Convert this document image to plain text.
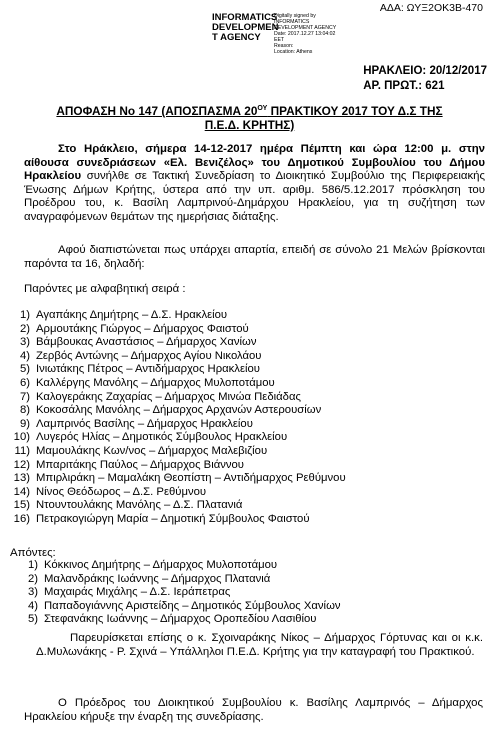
ΑΔΑ: ΩΥΞ2ΟΚ3Β-470
INFORMATICS
DEVELOPMEN
T AGENCY
Digitally signed by
INFORMATICS
DEVELOPMENT AGENCY
Date: 2017.12.27 13:04:02
EET
Reason:
Location: Athens
ΗΡΑΚΛΕΙΟ: 20/12/2017
ΑΡ. ΠΡΩΤ.: 621
ΑΠΟΦΑΣΗ Νο 147 (ΑΠΟΣΠΑΣΜΑ $20^{O\Upsilon}$ ΠΡΑΚΤΙΚΟΥ 2017 ΤΟΥ Δ.Σ ΤΗΣ
Π.Ε.Δ. ΚΡΗΤΗΣ)
Στο Ηράκλειο, σήμερα 14-12-2017 ημέρα Πέμπτη και ώρα 12:00 μ. στην αίθουσα συνεδριάσεων «Ελ. Βενιζέλος» του Δημοτικού Συμβουλίου του Δήμου Ηρακλείου συνήλθε σε Τακτική Συνεδρίαση το Διοικητικό Συμβούλιο της Περιφερειακής Ένωσης Δήμων Κρήτης, ύστερα από την υπ. αριθμ. 586/5.12.2017 πρόσκληση του Προέδρου του, κ. Βασίλη Λαμπρινού-Δημάρχου Ηρακλείου, για τη συζήτηση των αναγραφόμενων θεμάτων της ημερήσιας διάταξης.
Αφού διαπιστώνεται πως υπάρχει απαρτία, επειδή σε σύνολο 21 Μελών βρίσκονται παρόντα τα 16, δηλαδή:
Παρόντες με αλφαβητική σειρά :
1) Αγαπάκης Δημήτρης – Δ.Σ. Ηρακλείου
2) Αρμουτάκης Γιώργος – Δήμαρχος Φαιστού
3) Βάμβουκας Αναστάσιος – Δήμαρχος Χανίων
4) Ζερβός Αντώνης – Δήμαρχος Αγίου Νικολάου
5) Ινιωτάκης Πέτρος – Αντιδήμαρχος Ηρακλείου
6) Καλλέργης Μανόλης – Δήμαρχος Μυλοποτάμου
7) Καλογεράκης Ζαχαρίας – Δήμαρχος Μινώα Πεδιάδας
8) Κοκοσάλης Μανόλης – Δήμαρχος Αρχανών Αστερουσίων
9) Λαμπρινός Βασίλης – Δήμαρχος Ηρακλείου
10) Λυγερός Ηλίας – Δημοτικός Σύμβουλος Ηρακλείου
11) Μαμουλάκης Κων/νος – Δήμαρχος Μαλεβιζίου
12) Μπαριτάκης Παύλος – Δήμαρχος Βιάννου
13) Μπιρλιράκη – Μαμαλάκη Θεοπίστη – Αντιδήμαρχος Ρεθύμνου
14) Νίνος Θεόδωρος – Δ.Σ. Ρεθύμνου
15) Ντουντουλάκης Μανόλης – Δ.Σ. Πλατανιά
16) Πετρακογιώργη Μαρία – Δημοτική Σύμβουλος Φαιστού
Απόντες:
1) Κόκκινος Δημήτρης – Δήμαρχος Μυλοποτάμου
2) Μαλανδράκης Ιωάννης – Δήμαρχος Πλατανιά
3) Μαχαιράς Μιχάλης – Δ.Σ. Ιεράπετρας
4) Παπαδογιάννης Αριστείδης – Δημοτικός Σύμβουλος Χανίων
5) Στεφανάκης Ιωάννης – Δήμαρχος Οροπεδίου Λασιθίου
Παρευρίσκεται επίσης ο κ. Σχοιναράκης Νίκος – Δήμαρχος Γόρτυνας και οι κ.κ. Δ.Μυλωνάκης - Ρ. Σχινά – Υπάλληλοι Π.Ε.Δ. Κρήτης για την καταγραφή του Πρακτικού.
Ο Πρόεδρος του Διοικητικού Συμβουλίου κ. Βασίλης Λαμπρινός – Δήμαρχος Ηρακλείου κήρυξε την έναρξη της συνεδρίασης.
